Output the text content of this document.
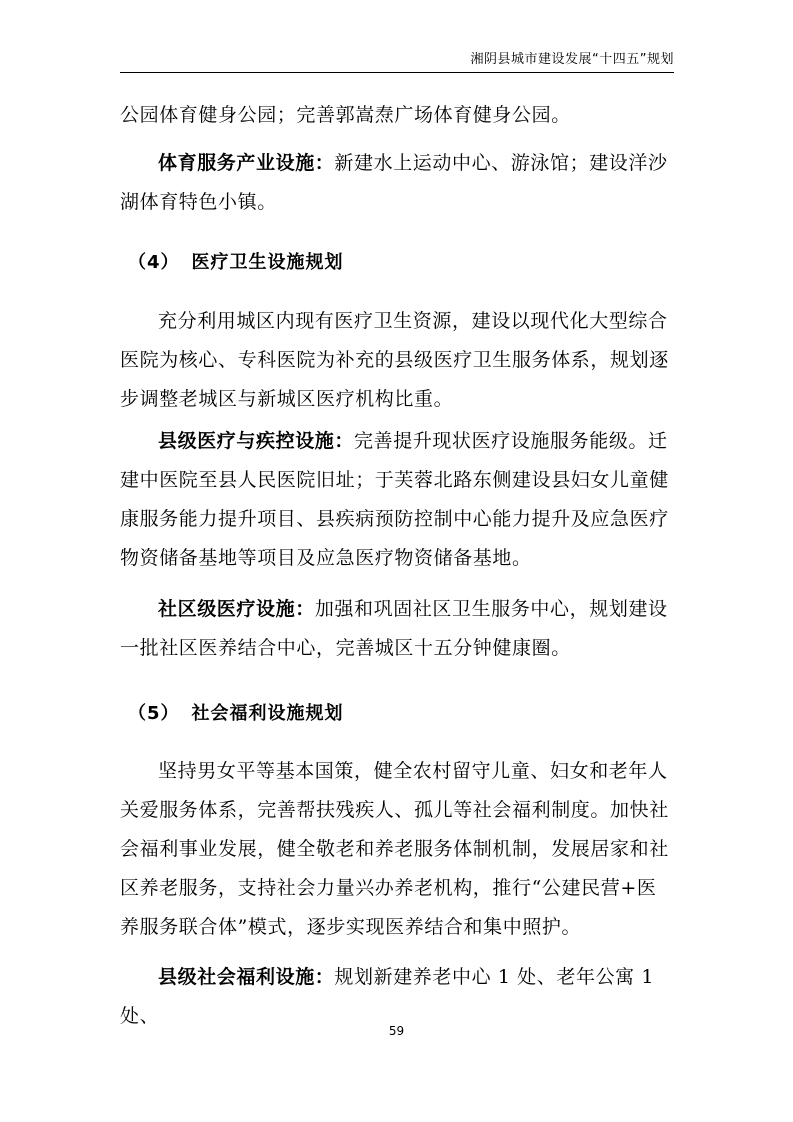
湘阴县城市建设发展“十四五”规划
公园体育健身公园；完善郭嵩焘广场体育健身公园。
体育服务产业设施：新建水上运动中心、游泳馆；建设洋沙湖体育特色小镇。
（4） 医疗卫生设施规划
充分利用城区内现有医疗卫生资源，建设以现代化大型综合医院为核心、专科医院为补充的县级医疗卫生服务体系，规划逐步调整老城区与新城区医疗机构比重。
县级医疗与疾控设施：完善提升现状医疗设施服务能级。迁建中医院至县人民医院旧址；于芙蓉北路东侧建设县妇女儿童健康服务能力提升项目、县疾病预防控制中心能力提升及应急医疗物资储备基地等项目及应急医疗物资储备基地。
社区级医疗设施：加强和巩固社区卫生服务中心，规划建设一批社区医养结合中心，完善城区十五分钟健康圈。
（5） 社会福利设施规划
坚持男女平等基本国策，健全农村留守儿童、妇女和老年人关爱服务体系，完善帮扶残疾人、孤儿等社会福利制度。加快社会福利事业发展，健全敬老和养老服务体制机制，发展居家和社区养老服务，支持社会力量兴办养老机构，推行“公建民营+医养服务联合体”模式，逐步实现医养结合和集中照护。
县级社会福利设施：规划新建养老中心 1 处、老年公寓 1 处、
59
